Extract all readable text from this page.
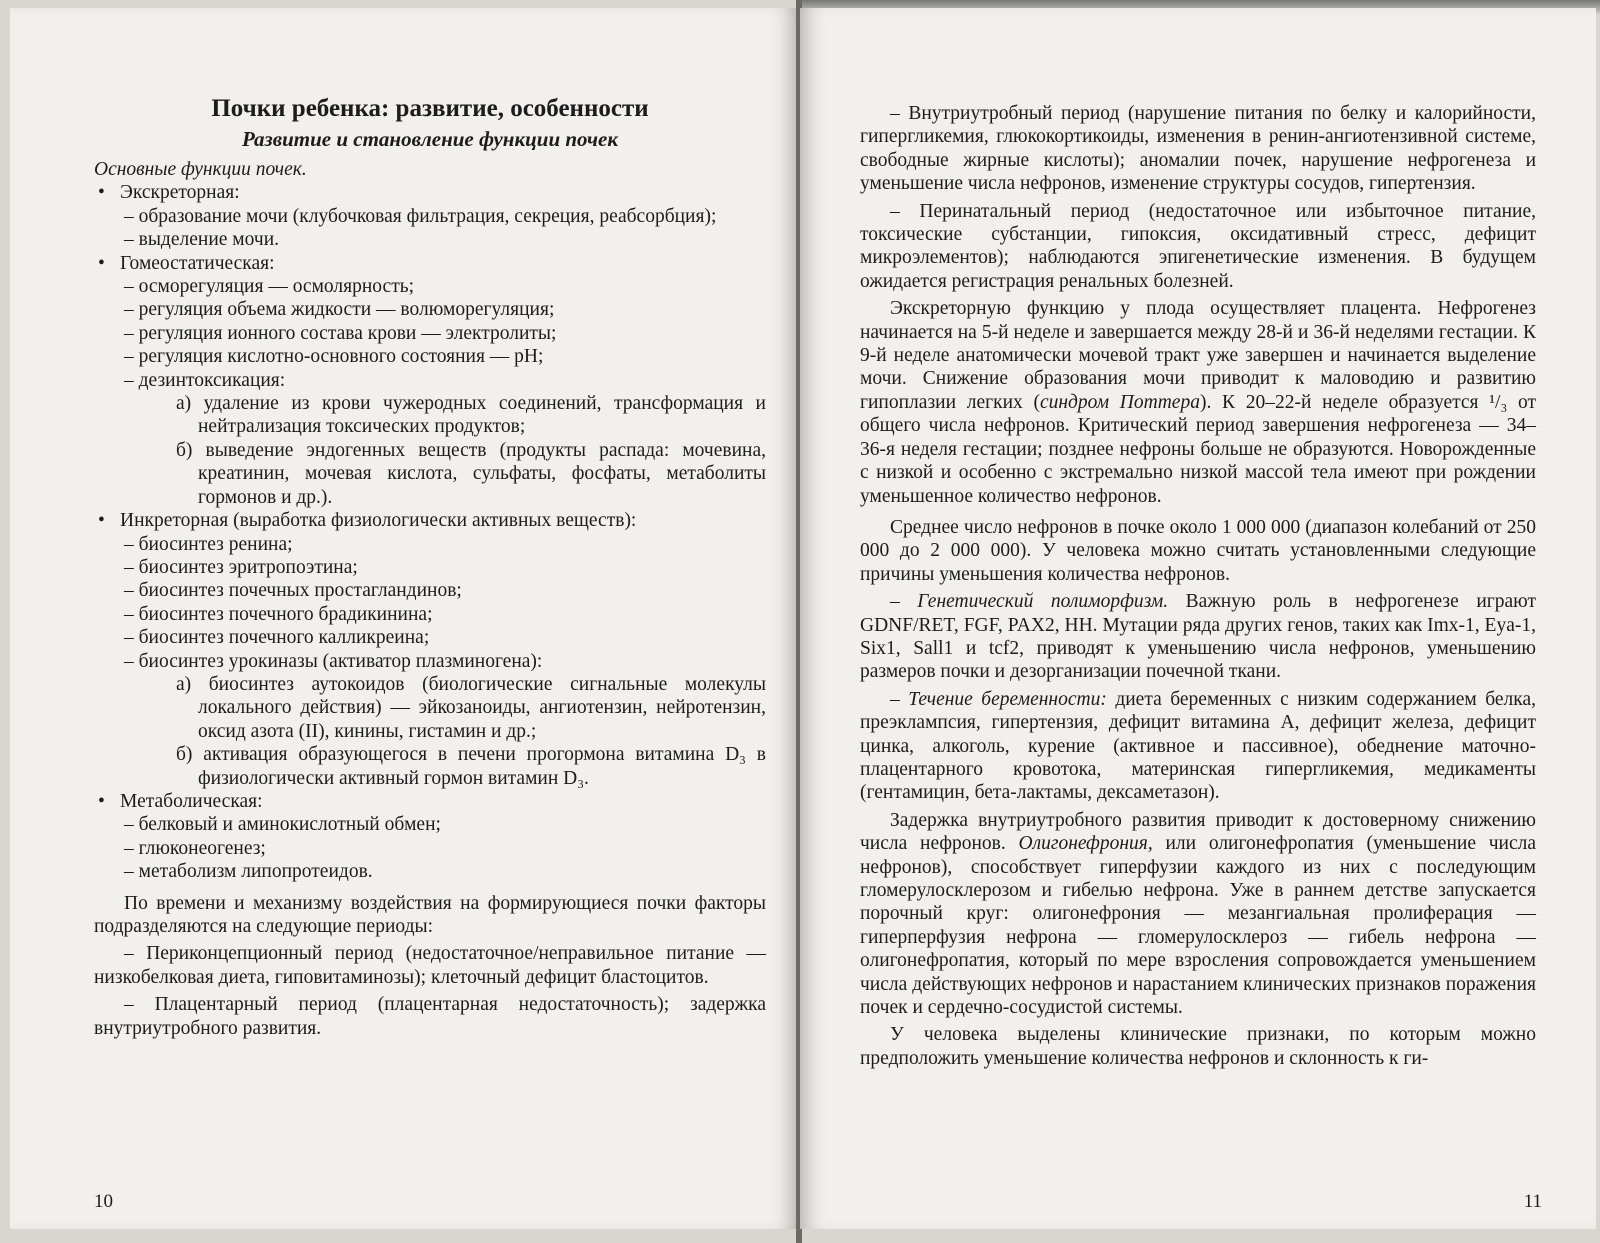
Почки ребенка: развитие, особенности
Развитие и становление функции почек

Основные функции почек.

• Экскреторная:

– образование мочи (клубочковая фильтрация, секреция, реабсорбция);

– выделение мочи.

• Гомеостатическая:

– осморегуляция — осмолярность;

– регуляция объема жидкости — волюморегуляция;

– регуляция ионного состава крови — электролиты;

– регуляция кислотно-основного состояния — pH;

– дезинтоксикация:

а) удаление из крови чужеродных соединений, трансформация и нейтрализация токсических продуктов;

б) выведение эндогенных веществ (продукты распада: мочевина, креатинин, мочевая кислота, сульфаты, фосфаты, метаболиты гормонов и др.).

• Инкреторная (выработка физиологически активных веществ):

– биосинтез ренина;

– биосинтез эритропоэтина;

– биосинтез почечных простагландинов;

– биосинтез почечного брадикинина;

– биосинтез почечного калликреина;

– биосинтез урокиназы (активатор плазминогена):

а) биосинтез аутокоидов (биологические сигнальные молекулы локального действия) — эйкозаноиды, ангиотензин, нейротензин, оксид азота (II), кинины, гистамин и др.;

б) активация образующегося в печени прогормона витамина D₃ в физиологически активный гормон витамин D₃.

• Метаболическая:

– белковый и аминокислотный обмен;

– глюконеогенез;

– метаболизм липопротеидов.

По времени и механизму воздействия на формирующиеся почки факторы подразделяются на следующие периоды:

– Периконцепционный период (недостаточное/неправильное питание — низкобелковая диета, гиповитаминозы); клеточный дефицит бластоцитов.

– Плацентарный период (плацентарная недостаточность); задержка внутриутробного развития.

10

– Внутриутробный период (нарушение питания по белку и калорийности, гипергликемия, глюкокортикоиды, изменения в ренин-ангиотензивной системе, свободные жирные кислоты); аномалии почек, нарушение нефрогенеза и уменьшение числа нефронов, изменение структуры сосудов, гипертензия.

– Перинатальный период (недостаточное или избыточное питание, токсические субстанции, гипоксия, оксидативный стресс, дефицит микроэлементов); наблюдаются эпигенетические изменения. В будущем ожидается регистрация ренальных болезней.

Экскреторную функцию у плода осуществляет плацента. Нефрогенез начинается на 5-й неделе и завершается между 28-й и 36-й неделями гестации. К 9-й неделе анатомически мочевой тракт уже завершен и начинается выделение мочи. Снижение образования мочи приводит к маловодию и развитию гипоплазии легких (синдром Поттера). К 20–22-й неделе образуется ¹/₃ от общего числа нефронов. Критический период завершения нефрогенеза — 34–36-я неделя гестации; позднее нефроны больше не образуются. Новорожденные с низкой и особенно с экстремально низкой массой тела имеют при рождении уменьшенное количество нефронов.

Среднее число нефронов в почке около 1 000 000 (диапазон колебаний от 250 000 до 2 000 000). У человека можно считать установленными следующие причины уменьшения количества нефронов.

– Генетический полиморфизм. Важную роль в нефрогенезе играют GDNF/RET, FGF, PAX2, HH. Мутации ряда других генов, таких как Imx-1, Eya-1, Six1, Sall1 и tcf2, приводят к уменьшению числа нефронов, уменьшению размеров почки и дезорганизации почечной ткани.

– Течение беременности: диета беременных с низким содержанием белка, преэклампсия, гипертензия, дефицит витамина А, дефицит железа, дефицит цинка, алкоголь, курение (активное и пассивное), обеднение маточно-плацентарного кровотока, материнская гипергликемия, медикаменты (гентамицин, бета-лактамы, дексаметазон).

Задержка внутриутробного развития приводит к достоверному снижению числа нефронов. Олигонефрония, или олигонефропатия (уменьшение числа нефронов), способствует гиперфузии каждого из них с последующим гломерулосклерозом и гибелью нефрона. Уже в раннем детстве запускается порочный круг: олигонефрония — мезангиальная пролиферация — гиперперфузия нефрона — гломерулосклероз — гибель нефрона — олигонефропатия, который по мере взросления сопровождается уменьшением числа действующих нефронов и нарастанием клинических признаков поражения почек и сердечно-сосудистой системы.

У человека выделены клинические признаки, по которым можно предположить уменьшение количества нефронов и склонность к ги-

11
